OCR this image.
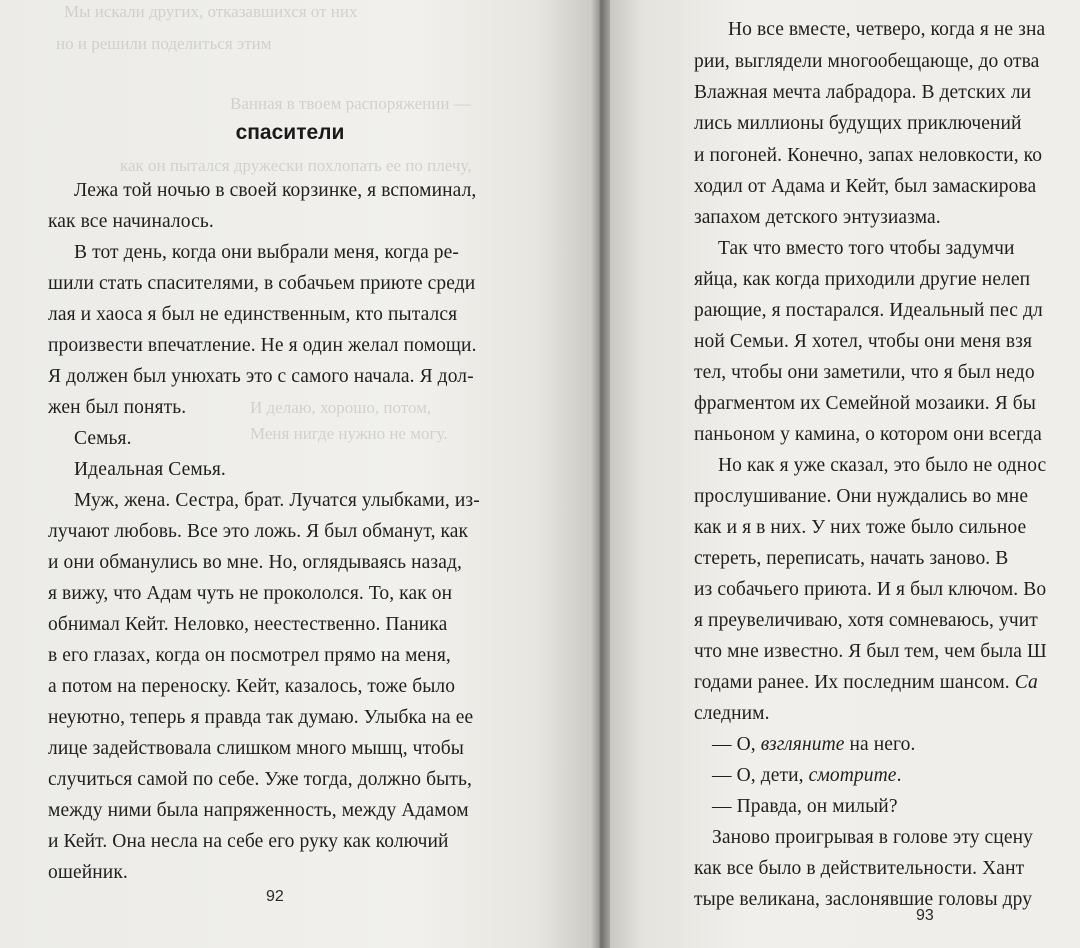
Мы искали других, отказавшихся от них
но и решили поделиться этим
Ванная в твоем распоряжении —
как он пытался дружески похлопать ее по плечу,
И делаю, хорошо, потом,
Меня нигде нужно не могу.
спасители
Лежа той ночью в своей корзинке, я вспоминал,
как все начиналось.
В тот день, когда они выбрали меня, когда ре-
шили стать спасителями, в собачьем приюте среди
лая и хаоса я был не единственным, кто пытался
произвести впечатление. Не я один желал помощи.
Я должен был унюхать это с самого начала. Я дол-
жен был понять.
Семья.
Идеальная Семья.
Муж, жена. Сестра, брат. Лучатся улыбками, из-
лучают любовь. Все это ложь. Я был обманут, как
и они обманулись во мне. Но, оглядываясь назад,
я вижу, что Адам чуть не прокололся. То, как он
обнимал Кейт. Неловко, неестественно. Паника
в его глазах, когда он посмотрел прямо на меня,
а потом на переноску. Кейт, казалось, тоже было
неуютно, теперь я правда так думаю. Улыбка на ее
лице задействовала слишком много мышц, чтобы
случиться самой по себе. Уже тогда, должно быть,
между ними была напряженность, между Адамом
и Кейт. Она несла на себе его руку как колючий
ошейник.
92
Но все вместе, четверо, когда я не зна
рии, выглядели многообещающе, до отва
Влажная мечта лабрадора. В детских ли
лись миллионы будущих приключений
и погоней. Конечно, запах неловкости, ко
ходил от Адама и Кейт, был замаскирова
запахом детского энтузиазма.
Так что вместо того чтобы задумчи
яйца, как когда приходили другие нелеп
рающие, я постарался. Идеальный пес дл
ной Семьи. Я хотел, чтобы они меня взя
тел, чтобы они заметили, что я был недо
фрагментом их Семейной мозаики. Я бы
паньоном у камина, о котором они всегда
Но как я уже сказал, это было не однос
прослушивание. Они нуждались во мне
как и я в них. У них тоже было сильное
стереть, переписать, начать заново. В
из собачьего приюта. И я был ключом. Во
я преувеличиваю, хотя сомневаюсь, учит
что мне известно. Я был тем, чем была Ш
годами ранее. Их последним шансом. Са
следним.
— О, взгляните на него.
— О, дети, смотрите.
— Правда, он милый?
Заново проигрывая в голове эту сцену
как все было в действительности. Хант
тыре великана, заслонявшие головы дру
93
